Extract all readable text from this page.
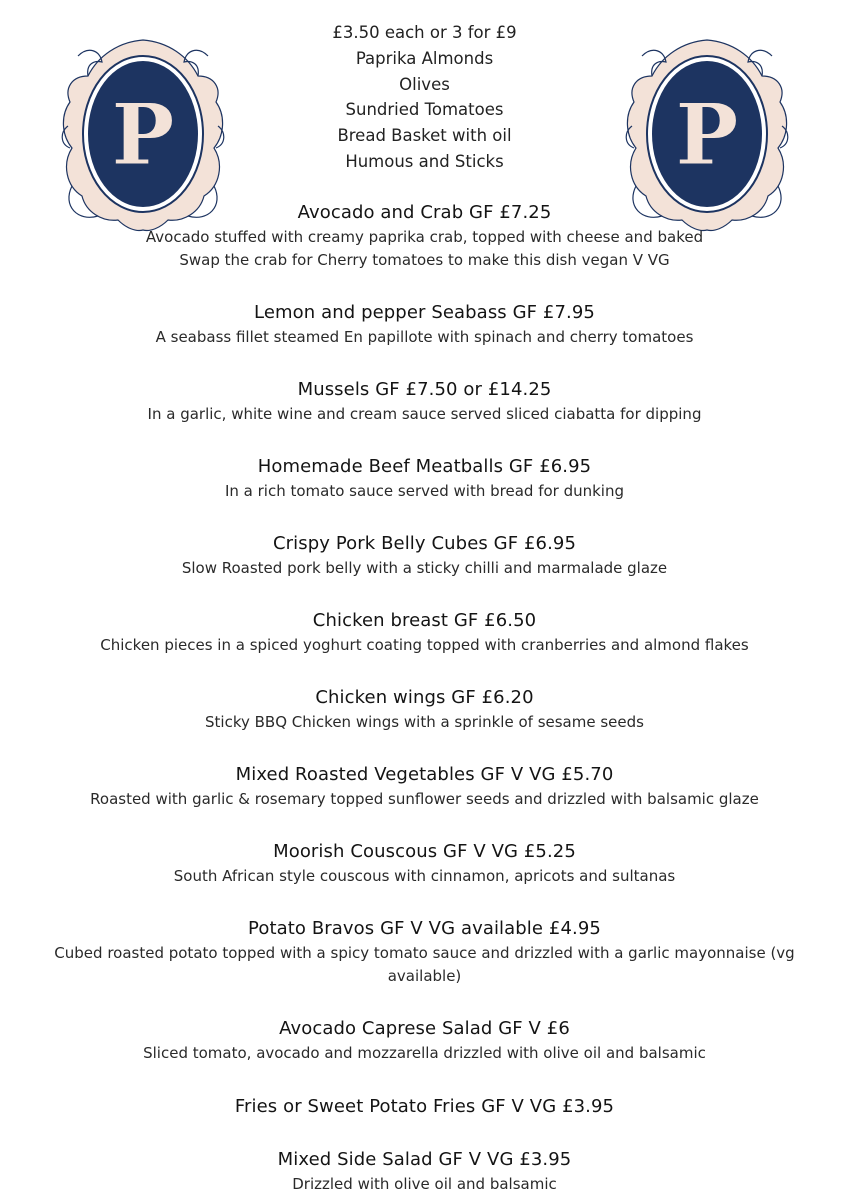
P	P
£3.50 each or 3 for £9
Paprika Almonds
Olives
Sundried Tomatoes
Bread Basket with oil
Humous and Sticks
Avocado and Crab GF £7.25
Avocado stuffed with creamy paprika crab, topped with cheese and baked
Swap the crab for Cherry tomatoes to make this dish vegan V VG
Lemon and pepper Seabass GF £7.95
A seabass fillet steamed En papillote with spinach and cherry tomatoes
Mussels GF £7.50 or £14.25
In a garlic, white wine and cream sauce served sliced ciabatta for dipping
Homemade Beef Meatballs GF £6.95
In a rich tomato sauce served with bread for dunking
Crispy Pork Belly Cubes GF £6.95
Slow Roasted pork belly with a sticky chilli and marmalade glaze
Chicken breast GF £6.50
Chicken pieces in a spiced yoghurt coating topped with cranberries and almond flakes
Chicken wings GF £6.20
Sticky BBQ Chicken wings with a sprinkle of sesame seeds
Mixed Roasted Vegetables GF V VG £5.70
Roasted with garlic & rosemary topped sunflower seeds and drizzled with balsamic glaze
Moorish Couscous GF V VG £5.25
South African style couscous with cinnamon, apricots and sultanas
Potato Bravos GF V VG available £4.95
Cubed roasted potato topped with a spicy tomato sauce and drizzled with a garlic mayonnaise (vg
available)
Avocado Caprese Salad GF V £6
Sliced tomato, avocado and mozzarella drizzled with olive oil and balsamic
Fries or Sweet Potato Fries GF V VG £3.95
Mixed Side Salad GF V VG £3.95
Drizzled with olive oil and balsamic
